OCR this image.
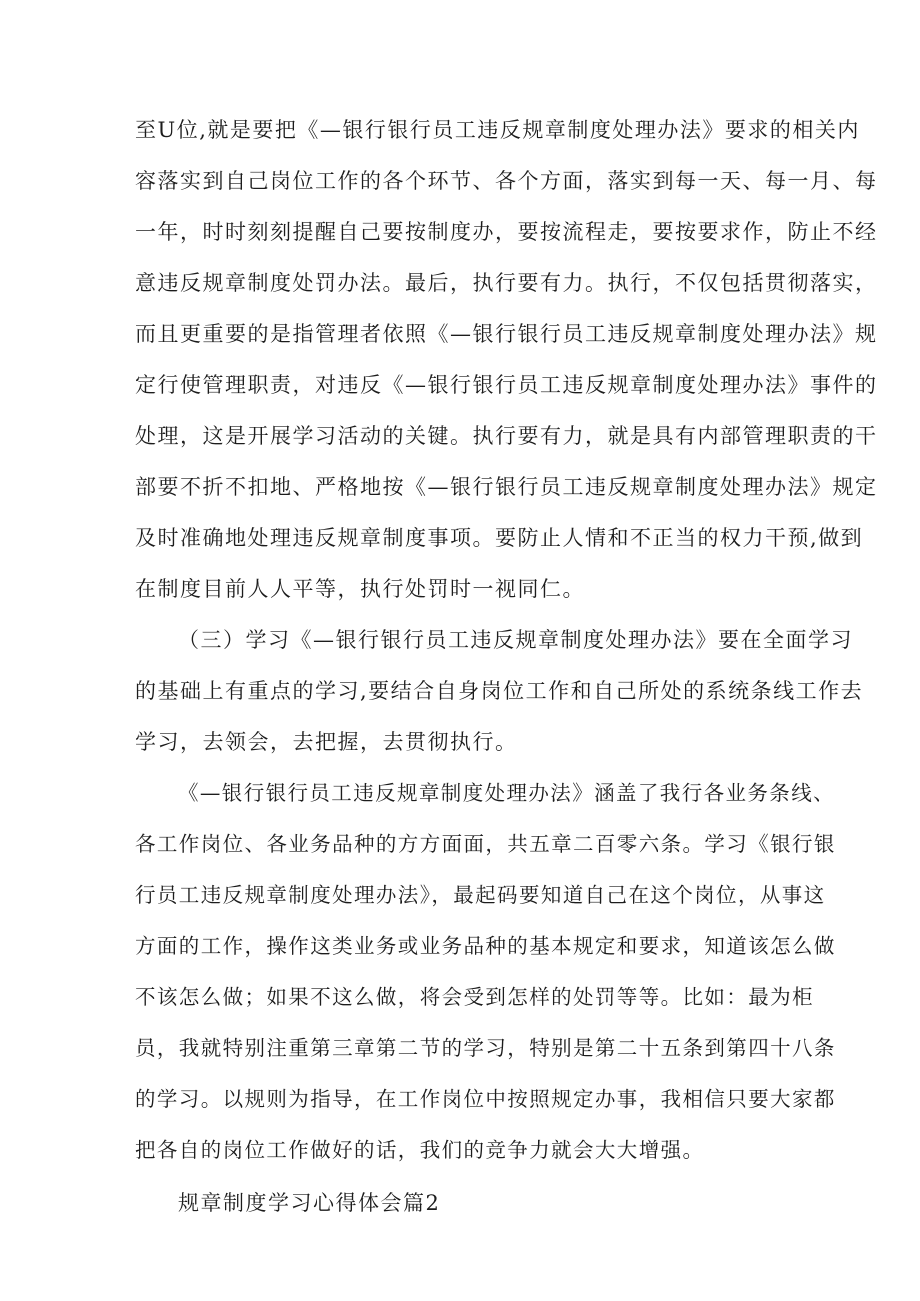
至U位,就是要把《—银行银行员工违反规章制度处理办法》要求的相关内
容落实到自己岗位工作的各个环节、各个方面，落实到每一天、每一月、每
一年，时时刻刻提醒自己要按制度办，要按流程走，要按要求作，防止不经
意违反规章制度处罚办法。最后，执行要有力。执行，不仅包括贯彻落实，
而且更重要的是指管理者依照《—银行银行员工违反规章制度处理办法》规
定行使管理职责，对违反《—银行银行员工违反规章制度处理办法》事件的
处理，这是开展学习活动的关键。执行要有力，就是具有内部管理职责的干
部要不折不扣地、严格地按《—银行银行员工违反规章制度处理办法》规定
及时准确地处理违反规章制度事项。要防止人情和不正当的权力干预,做到
在制度目前人人平等，执行处罚时一视同仁。
（三）学习《—银行银行员工违反规章制度处理办法》要在全面学习
的基础上有重点的学习,要结合自身岗位工作和自己所处的系统条线工作去
学习，去领会，去把握，去贯彻执行。
《—银行银行员工违反规章制度处理办法》涵盖了我行各业务条线、
各工作岗位、各业务品种的方方面面，共五章二百零六条。学习《银行银
行员工违反规章制度处理办法》，最起码要知道自己在这个岗位，从事这
方面的工作，操作这类业务或业务品种的基本规定和要求，知道该怎么做
不该怎么做；如果不这么做，将会受到怎样的处罚等等。比如：最为柜
员，我就特别注重第三章第二节的学习，特别是第二十五条到第四十八条
的学习。以规则为指导，在工作岗位中按照规定办事，我相信只要大家都
把各自的岗位工作做好的话，我们的竞争力就会大大增强。
规章制度学习心得体会篇2
